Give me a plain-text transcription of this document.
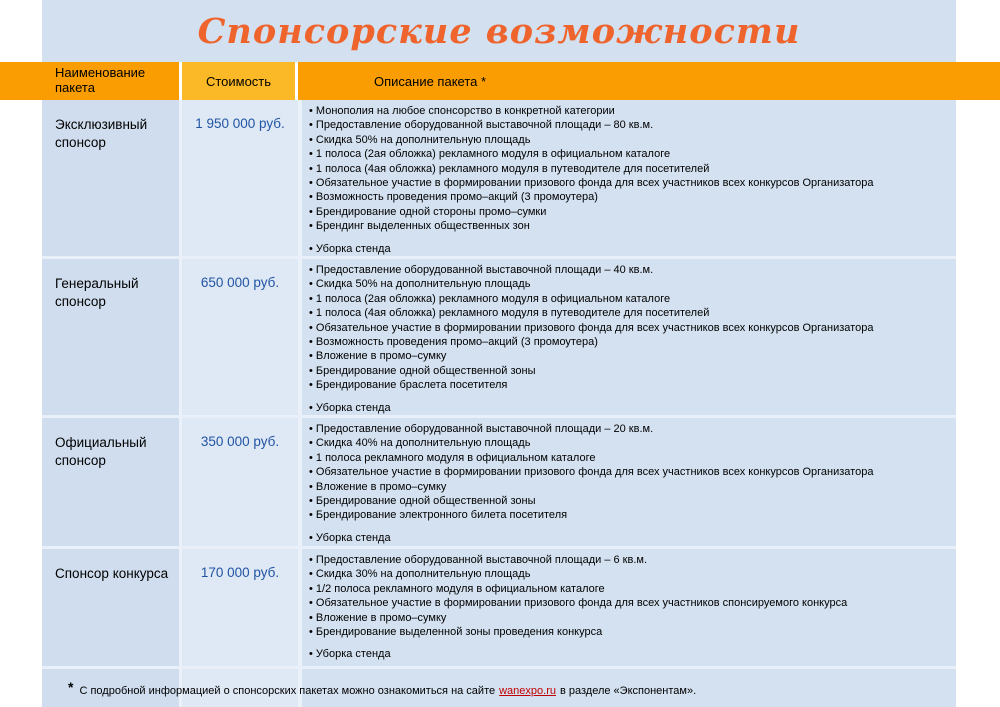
Спонсорские возможности
Эксклюзивный спонсор
1 950 000 руб.
• Монополия на любое спонсорство в конкретной категории
• Предоставление оборудованной выставочной площади – 80 кв.м.
• Скидка 50% на дополнительную площадь
• 1 полоса (2ая обложка) рекламного модуля в официальном каталоге
• 1 полоса (4ая обложка) рекламного модуля в путеводителе для посетителей
• Обязательное участие в формировании призового фонда для всех участников всех конкурсов Организатора
• Возможность проведения промо–акций (3 промоутера)
• Брендирование одной стороны промо–сумки
• Брендинг выделенных общественных зон
• Уборка стенда
Генеральный спонсор
650 000 руб.
• Предоставление оборудованной выставочной площади – 40 кв.м.
• Скидка 50% на дополнительную площадь
• 1 полоса (2ая обложка) рекламного модуля в официальном каталоге
• 1 полоса (4ая обложка) рекламного модуля в путеводителе для посетителей
• Обязательное участие в формировании призового фонда для всех участников всех конкурсов Организатора
• Возможность проведения промо–акций (3 промоутера)
• Вложение в промо–сумку
• Брендирование одной общественной зоны
• Брендирование браслета посетителя
• Уборка стенда
Официальный спонсор
350 000 руб.
• Предоставление оборудованной выставочной площади – 20 кв.м.
• Скидка 40% на дополнительную площадь
• 1 полоса рекламного модуля в официальном каталоге
• Обязательное участие в формировании призового фонда для всех участников всех конкурсов Организатора
• Вложение в промо–сумку
• Брендирование одной общественной зоны
• Брендирование электронного билета посетителя
• Уборка стенда
Спонсор конкурса	170 000 руб.
• Предоставление оборудованной выставочной площади – 6 кв.м.
• Скидка 30% на дополнительную площадь
• 1/2 полоса рекламного модуля в официальном каталоге
• Обязательное участие в формировании призового фонда для всех участников спонсируемого конкурса
• Вложение в промо–сумку
• Брендирование выделенной зоны проведения конкурса
• Уборка стенда
* С подробной информацией о спонсорских пакетах можно ознакомиться на сайте wanexpo.ru в разделе «Экспонентам».
Наименование пакета	Стоимость	Описание пакета *
